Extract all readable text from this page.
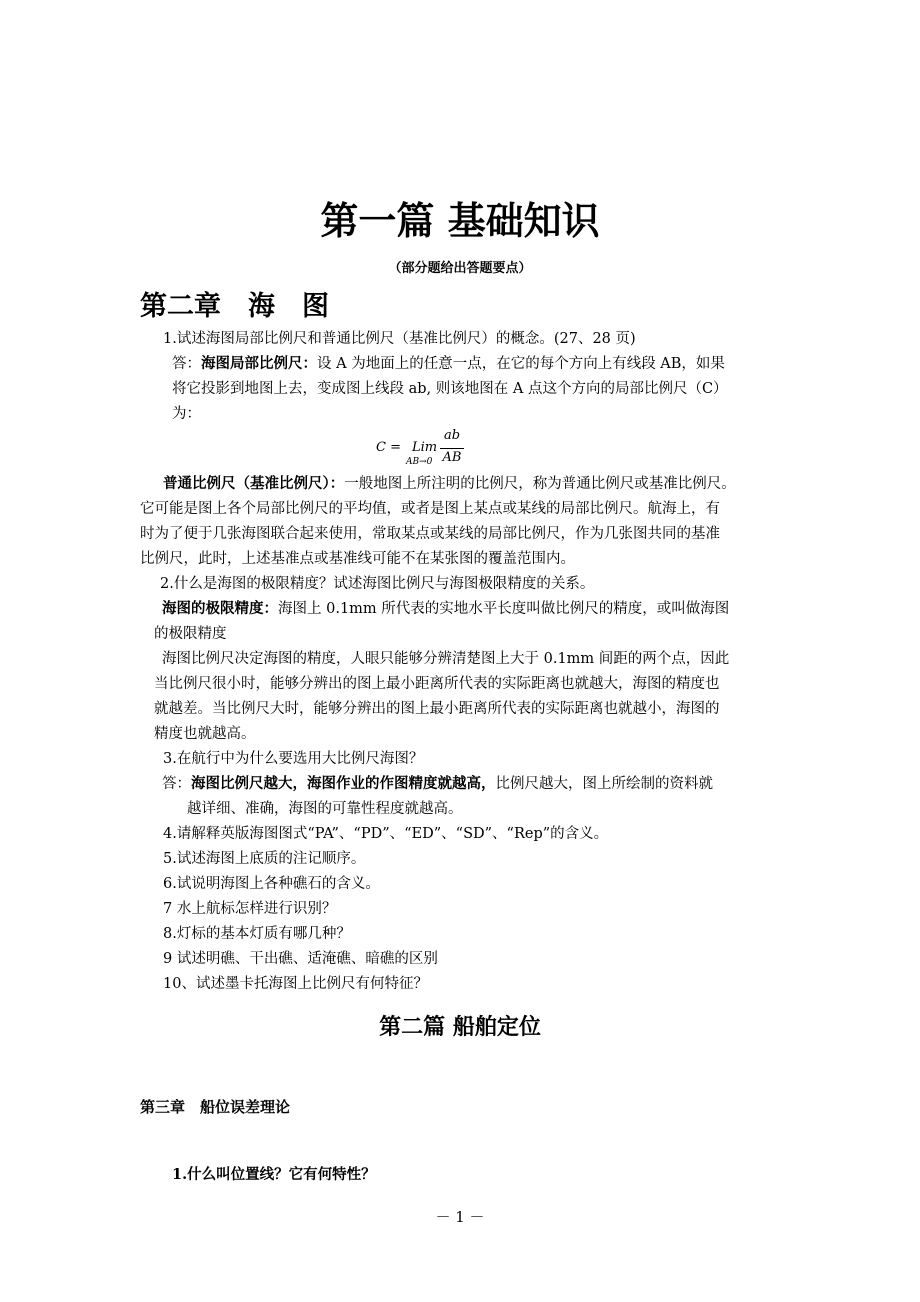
第一篇 基础知识
（部分题给出答题要点）
第二章　海　图
1.试述海图局部比例尺和普通比例尺（基准比例尺）的概念。(27、28 页)
答：海图局部比例尺：设 A 为地面上的任意一点，在它的每个方向上有线段 AB，如果
将它投影到地图上去，变成图上线段 ab, 则该地图在 A 点这个方向的局部比例尺（C）
为：
C = Lim
AB→0
ab
AB
普通比例尺（基准比例尺）：一般地图上所注明的比例尺，称为普通比例尺或基准比例尺。
它可能是图上各个局部比例尺的平均值，或者是图上某点或某线的局部比例尺。航海上，有
时为了便于几张海图联合起来使用，常取某点或某线的局部比例尺，作为几张图共同的基准
比例尺，此时，上述基准点或基准线可能不在某张图的覆盖范围内。
2.什么是海图的极限精度？试述海图比例尺与海图极限精度的关系。
海图的极限精度：海图上 0.1mm 所代表的实地水平长度叫做比例尺的精度，或叫做海图
的极限精度
海图比例尺决定海图的精度，人眼只能够分辨清楚图上大于 0.1mm 间距的两个点，因此
当比例尺很小时，能够分辨出的图上最小距离所代表的实际距离也就越大，海图的精度也
就越差。当比例尺大时，能够分辨出的图上最小距离所代表的实际距离也就越小，海图的
精度也就越高。
3.在航行中为什么要选用大比例尺海图？
答：海图比例尺越大，海图作业的作图精度就越高，比例尺越大，图上所绘制的资料就
越详细、准确，海图的可靠性程度就越高。
4.请解释英版海图图式“PA”、“PD”、“ED”、“SD”、“Rep”的含义。
5.试述海图上底质的注记顺序。
6.试说明海图上各种礁石的含义。
7 水上航标怎样进行识别？
8.灯标的基本灯质有哪几种？
9 试述明礁、干出礁、适淹礁、暗礁的区别
10、试述墨卡托海图上比例尺有何特征？
第二篇 船舶定位
第三章　船位误差理论
1.什么叫位置线？它有何特性？
－ 1 －
